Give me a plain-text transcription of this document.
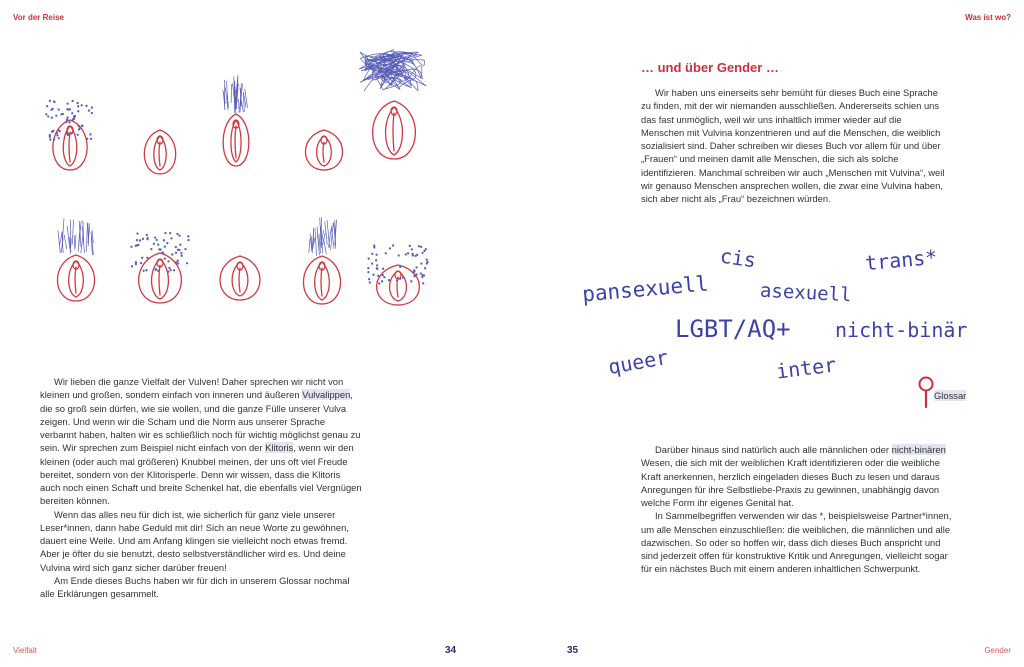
Vor der Reise
Vielfalt	34

Wir lieben die ganze Vielfalt der Vulven! Daher sprechen wir nicht von kleinen und großen, sondern einfach von inneren und äußeren Vulvalippen, die so groß sein dürfen, wie sie wollen, und die ganze Fülle unserer Vulva zeigen. Und wenn wir die Scham und die Norm aus unserer Sprache verbannt haben, halten wir es schließlich noch für wichtig möglichst genau zu sein. Wir sprechen zum Beispiel nicht einfach von der Klitoris, wenn wir den kleinen (oder auch mal größeren) Knubbel meinen, der uns oft viel Freude bereitet, sondern von der Klitorisperle. Denn wir wissen, dass die Klitoris auch noch einen Schaft und breite Schenkel hat, die ebenfalls viel Vergnügen bereiten können.

Wenn das alles neu für dich ist, wie sicherlich für ganz viele unserer Leser*innen, dann habe Geduld mit dir! Sich an neue Worte zu gewöhnen, dauert eine Weile. Und am Anfang klingen sie vielleicht noch etwas fremd. Aber je öfter du sie benutzt, desto selbstverständlicher wird es. Und deine Vulvina wird sich ganz sicher darüber freuen!

Am Ende dieses Buchs haben wir für dich in unserem Glossar nochmal alle Erklärungen gesammelt.

Was ist wo?
Gender
35
… und über Gender …

Wir haben uns einerseits sehr bemüht für dieses Buch eine Sprache zu finden, mit der wir niemanden ausschließen. Andererseits schien uns das fast unmöglich, weil wir uns inhaltlich immer wieder auf die Menschen mit Vulvina konzentrieren und auf die Menschen, die weiblich sozialisiert sind. Daher schreiben wir dieses Buch vor allem für und über „Frauen“ und meinen damit alle Menschen, die sich als solche identifizieren. Manchmal schreiben wir auch „Menschen mit Vulvina“, weil wir genauso Menschen ansprechen wollen, die zwar eine Vulvina haben, sich aber nicht als „Frau“ bezeichnen würden.

cis	trans*
pansexuell	asexuell
LGBT/AQ+ nicht-binär
queer	inter
Glossar

Darüber hinaus sind natürlich auch alle männlichen oder nicht-binären Wesen, die sich mit der weiblichen Kraft identifizieren oder die weibliche Kraft anerkennen, herzlich eingeladen dieses Buch zu lesen und daraus Anregungen für ihre Selbstliebe-Praxis zu gewinnen, unabhängig davon welche Form ihr eigenes Genital hat.

In Sammelbegriffen verwenden wir das *, beispielsweise Partner*innen, um alle Menschen einzuschließen: die weiblichen, die männlichen und alle dazwischen. So oder so hoffen wir, dass dich dieses Buch anspricht und sind jederzeit offen für konstruktive Kritik und Anregungen, vielleicht sogar für ein nächstes Buch mit einem anderen inhaltlichen Schwerpunkt.
